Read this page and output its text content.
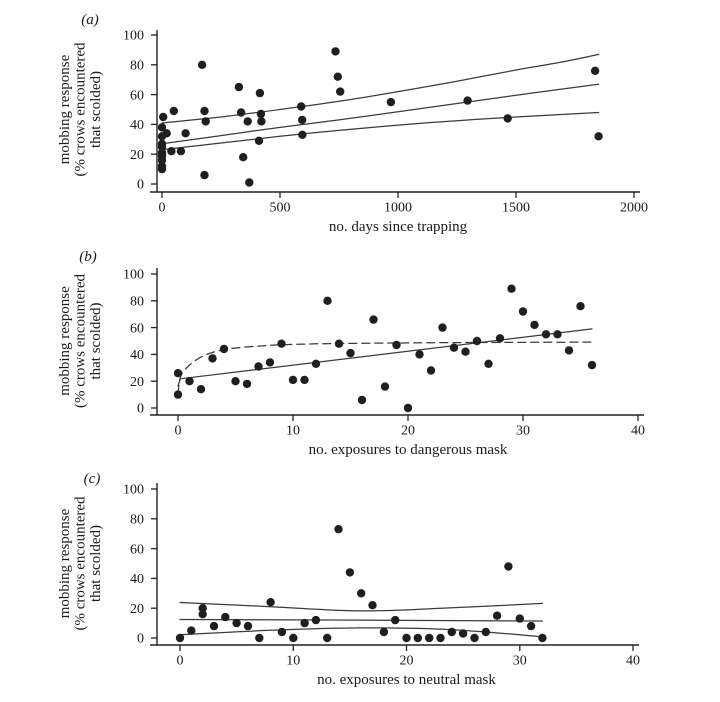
0	500	1000	1500	2000
0
20
40
60
80
100
no. days since trapping
mobbing response (% crows encountered that scolded)
(a)
0	10	20	30	40
0
20
40
60
80
100
no. exposures to dangerous mask
mobbing response (% crows encountered that scolded)
(b)
0	10	20	30	40
0
20
40
60
80
100
no. exposures to neutral mask
mobbing response (% crows encountered that scolded)
(c)
